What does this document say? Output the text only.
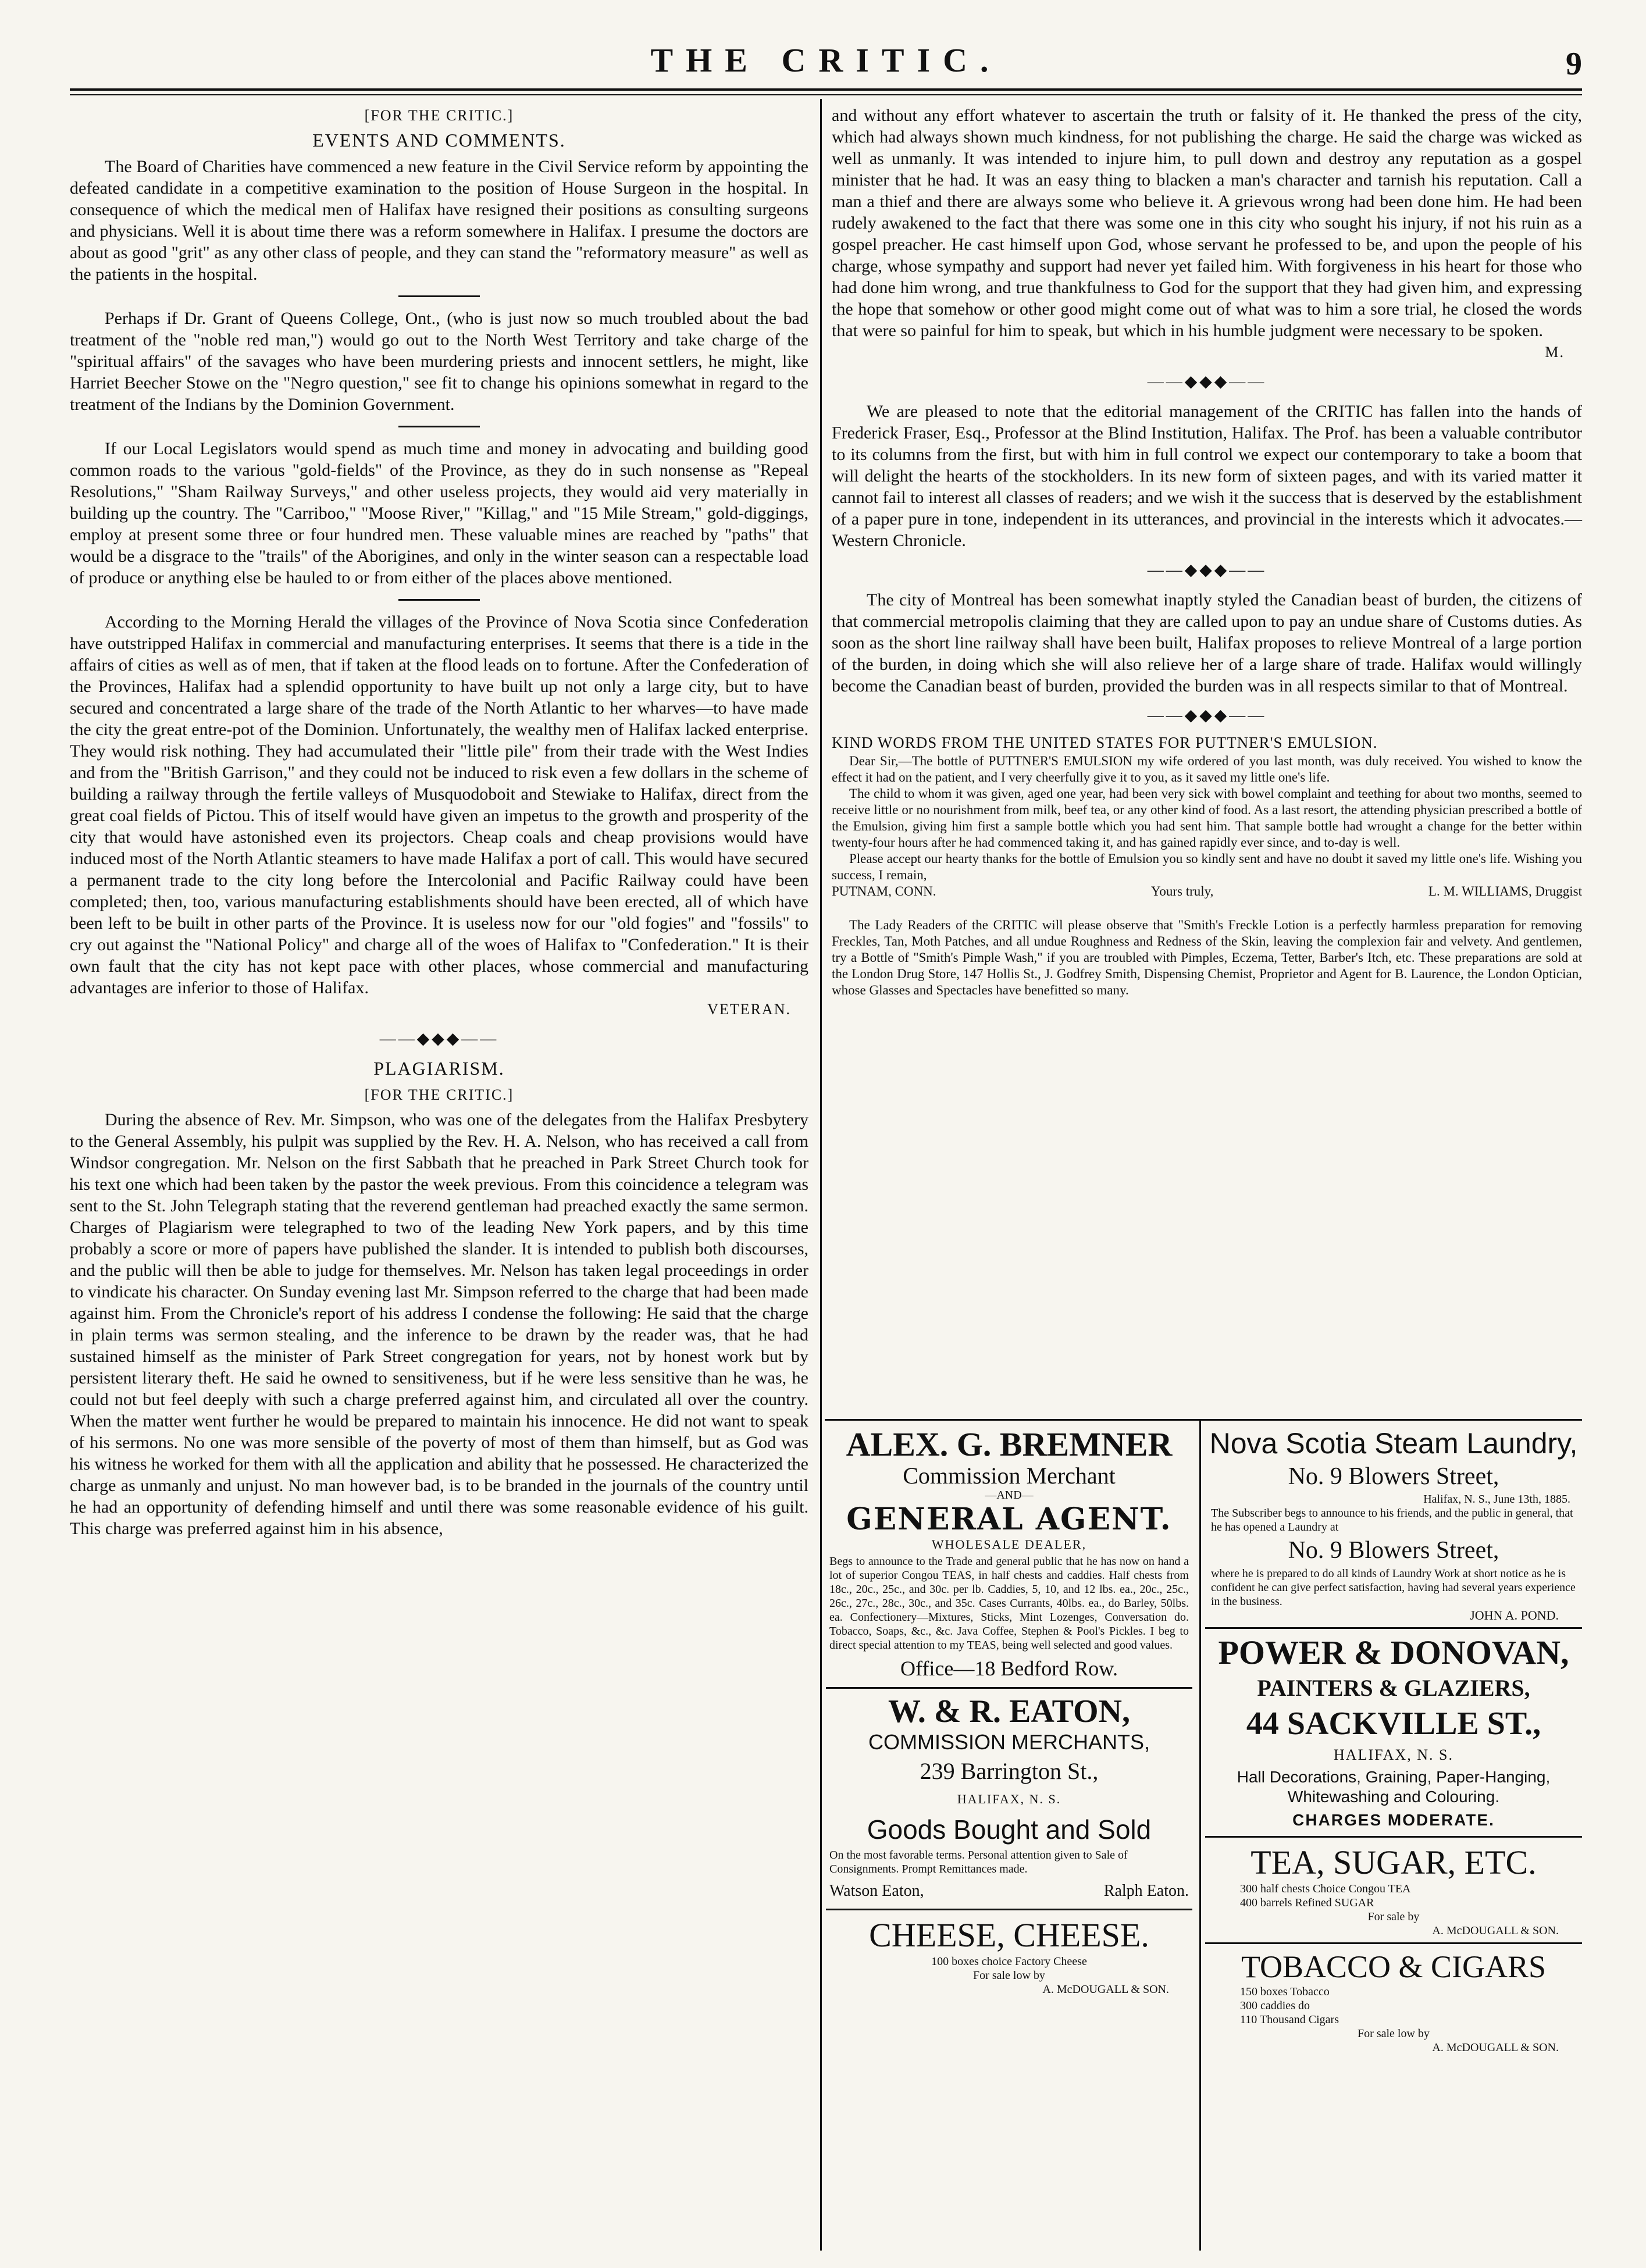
THE CRITIC.	9
[FOR THE CRITIC.]
EVENTS AND COMMENTS.

The Board of Charities have commenced a new feature in the Civil Service reform by appointing the defeated candidate in a competitive examination to the position of House Surgeon in the hospital. In consequence of which the medical men of Halifax have resigned their positions as consulting surgeons and physicians. Well it is about time there was a reform somewhere in Halifax. I presume the doctors are about as good "grit" as any other class of people, and they can stand the "reformatory measure" as well as the patients in the hospital.

Perhaps if Dr. Grant of Queens College, Ont., (who is just now so much troubled about the bad treatment of the "noble red man,") would go out to the North West Territory and take charge of the "spiritual affairs" of the savages who have been murdering priests and innocent settlers, he might, like Harriet Beecher Stowe on the "Negro question," see fit to change his opinions somewhat in regard to the treatment of the Indians by the Dominion Government.

If our Local Legislators would spend as much time and money in advocating and building good common roads to the various "gold-fields" of the Province, as they do in such nonsense as "Repeal Resolutions," "Sham Railway Surveys," and other useless projects, they would aid very materially in building up the country. The "Carriboo," "Moose River," "Killag," and "15 Mile Stream," gold-diggings, employ at present some three or four hundred men. These valuable mines are reached by "paths" that would be a disgrace to the "trails" of the Aborigines, and only in the winter season can a respectable load of produce or anything else be hauled to or from either of the places above mentioned.

According to the Morning Herald the villages of the Province of Nova Scotia since Confederation have outstripped Halifax in commercial and manufacturing enterprises. It seems that there is a tide in the affairs of cities as well as of men, that if taken at the flood leads on to fortune. After the Confederation of the Provinces, Halifax had a splendid opportunity to have built up not only a large city, but to have secured and concentrated a large share of the trade of the North Atlantic to her wharves—to have made the city the great entre-pot of the Dominion. Unfortunately, the wealthy men of Halifax lacked enterprise. They would risk nothing. They had accumulated their "little pile" from their trade with the West Indies and from the "British Garrison," and they could not be induced to risk even a few dollars in the scheme of building a railway through the fertile valleys of Musquodoboit and Stewiake to Halifax, direct from the great coal fields of Pictou. This of itself would have given an impetus to the growth and prosperity of the city that would have astonished even its projectors. Cheap coals and cheap provisions would have induced most of the North Atlantic steamers to have made Halifax a port of call. This would have secured a permanent trade to the city long before the Intercolonial and Pacific Railway could have been completed; then, too, various manufacturing establishments should have been erected, all of which have been left to be built in other parts of the Province. It is useless now for our "old fogies" and "fossils" to cry out against the "National Policy" and charge all of the woes of Halifax to "Confederation." It is their own fault that the city has not kept pace with other places, whose commercial and manufacturing advantages are inferior to those of Halifax.

VETERAN.
——◆◆◆——
PLAGIARISM.
[FOR THE CRITIC.]

During the absence of Rev. Mr. Simpson, who was one of the delegates from the Halifax Presbytery to the General Assembly, his pulpit was supplied by the Rev. H. A. Nelson, who has received a call from Windsor congregation. Mr. Nelson on the first Sabbath that he preached in Park Street Church took for his text one which had been taken by the pastor the week previous. From this coincidence a telegram was sent to the St. John Telegraph stating that the reverend gentleman had preached exactly the same sermon. Charges of Plagiarism were telegraphed to two of the leading New York papers, and by this time probably a score or more of papers have published the slander. It is intended to publish both discourses, and the public will then be able to judge for themselves. Mr. Nelson has taken legal proceedings in order to vindicate his character. On Sunday evening last Mr. Simpson referred to the charge that had been made against him. From the Chronicle's report of his address I condense the following: He said that the charge in plain terms was sermon stealing, and the inference to be drawn by the reader was, that he had sustained himself as the minister of Park Street congregation for years, not by honest work but by persistent literary theft. He said he owned to sensitiveness, but if he were less sensitive than he was, he could not but feel deeply with such a charge preferred against him, and circulated all over the country. When the matter went further he would be prepared to maintain his innocence. He did not want to speak of his sermons. No one was more sensible of the poverty of most of them than himself, but as God was his witness he worked for them with all the application and ability that he possessed. He characterized the charge as unmanly and unjust. No man however bad, is to be branded in the journals of the country until he had an opportunity of defending himself and until there was some reasonable evidence of his guilt. This charge was preferred against him in his absence,

and without any effort whatever to ascertain the truth or falsity of it. He thanked the press of the city, which had always shown much kindness, for not publishing the charge. He said the charge was wicked as well as unmanly. It was intended to injure him, to pull down and destroy any reputation as a gospel minister that he had. It was an easy thing to blacken a man's character and tarnish his reputation. Call a man a thief and there are always some who believe it. A grievous wrong had been done him. He had been rudely awakened to the fact that there was some one in this city who sought his injury, if not his ruin as a gospel preacher. He cast himself upon God, whose servant he professed to be, and upon the people of his charge, whose sympathy and support had never yet failed him. With forgiveness in his heart for those who had done him wrong, and true thankfulness to God for the support that they had given him, and expressing the hope that somehow or other good might come out of what was to him a sore trial, he closed the words that were so painful for him to speak, but which in his humble judgment were necessary to be spoken.

M.
——◆◆◆——

We are pleased to note that the editorial management of the CRITIC has fallen into the hands of Frederick Fraser, Esq., Professor at the Blind Institution, Halifax. The Prof. has been a valuable contributor to its columns from the first, but with him in full control we expect our contemporary to take a boom that will delight the hearts of the stockholders. In its new form of sixteen pages, and with its varied matter it cannot fail to interest all classes of readers; and we wish it the success that is deserved by the establishment of a paper pure in tone, independent in its utterances, and provincial in the interests which it advocates.—Western Chronicle.

——◆◆◆——

The city of Montreal has been somewhat inaptly styled the Canadian beast of burden, the citizens of that commercial metropolis claiming that they are called upon to pay an undue share of Customs duties. As soon as the short line railway shall have been built, Halifax proposes to relieve Montreal of a large portion of the burden, in doing which she will also relieve her of a large share of trade. Halifax would willingly become the Canadian beast of burden, provided the burden was in all respects similar to that of Montreal.

——◆◆◆——
KIND WORDS FROM THE UNITED STATES FOR PUTTNER'S EMULSION.

Dear Sir,—The bottle of PUTTNER'S EMULSION my wife ordered of you last month, was duly received. You wished to know the effect it had on the patient, and I very cheerfully give it to you, as it saved my little one's life.

The child to whom it was given, aged one year, had been very sick with bowel complaint and teething for about two months, seemed to receive little or no nourishment from milk, beef tea, or any other kind of food. As a last resort, the attending physician prescribed a bottle of the Emulsion, giving him first a sample bottle which you had sent him. That sample bottle had wrought a change for the better within twenty-four hours after he had commenced taking it, and has gained rapidly ever since, and to-day is well.

Please accept our hearty thanks for the bottle of Emulsion you so kindly sent and have no doubt it saved my little one's life. Wishing you success, I remain,

PUTNAM, CONN.	Yours truly,	L. M. WILLIAMS, Druggist

The Lady Readers of the CRITIC will please observe that "Smith's Freckle Lotion is a perfectly harmless preparation for removing Freckles, Tan, Moth Patches, and all undue Roughness and Redness of the Skin, leaving the complexion fair and velvety. And gentlemen, try a Bottle of "Smith's Pimple Wash," if you are troubled with Pimples, Eczema, Tetter, Barber's Itch, etc. These preparations are sold at the London Drug Store, 147 Hollis St., J. Godfrey Smith, Dispensing Chemist, Proprietor and Agent for B. Laurence, the London Optician, whose Glasses and Spectacles have benefitted so many.

ALEX. G. BREMNER
Commission Merchant
—AND—
GENERAL AGENT.
WHOLESALE DEALER,
Begs to announce to the Trade and general public that he has now on hand a lot of superior Congou TEAS, in half chests and caddies. Half chests from 18c., 20c., 25c., and 30c. per lb. Caddies, 5, 10, and 12 lbs. ea., 20c., 25c., 26c., 27c., 28c., 30c., and 35c. Cases Currants, 40lbs. ea., do Barley, 50lbs. ea. Confectionery—Mixtures, Sticks, Mint Lozenges, Conversation do. Tobacco, Soaps, &c., &c. Java Coffee, Stephen & Pool's Pickles. I beg to direct special attention to my TEAS, being well selected and good values.
Office—18 Bedford Row.
W. & R. EATON,
COMMISSION MERCHANTS,
239 Barrington St.,
HALIFAX, N. S.
Goods Bought and Sold
On the most favorable terms. Personal attention given to Sale of Consignments. Prompt Remittances made.
Watson Eaton,	Ralph Eaton.
CHEESE, CHEESE.
100 boxes choice Factory Cheese
For sale low by
A. McDOUGALL & SON.
Nova Scotia Steam Laundry,
No. 9 Blowers Street,
Halifax, N. S., June 13th, 1885.
The Subscriber begs to announce to his friends, and the public in general, that he has opened a Laundry at
No. 9 Blowers Street,
where he is prepared to do all kinds of Laundry Work at short notice as he is confident he can give perfect satisfaction, having had several years experience in the business.
JOHN A. POND.
POWER & DONOVAN,
PAINTERS & GLAZIERS,
44 SACKVILLE ST.,
HALIFAX, N. S.
Hall Decorations, Graining, Paper-Hanging, Whitewashing and Colouring.
CHARGES MODERATE.
TEA, SUGAR, ETC.
300 half chests Choice Congou TEA
400 barrels Refined SUGAR
For sale by
A. McDOUGALL & SON.
TOBACCO & CIGARS
150 boxes Tobacco
300 caddies do
110 Thousand Cigars
For sale low by
A. McDOUGALL & SON.
